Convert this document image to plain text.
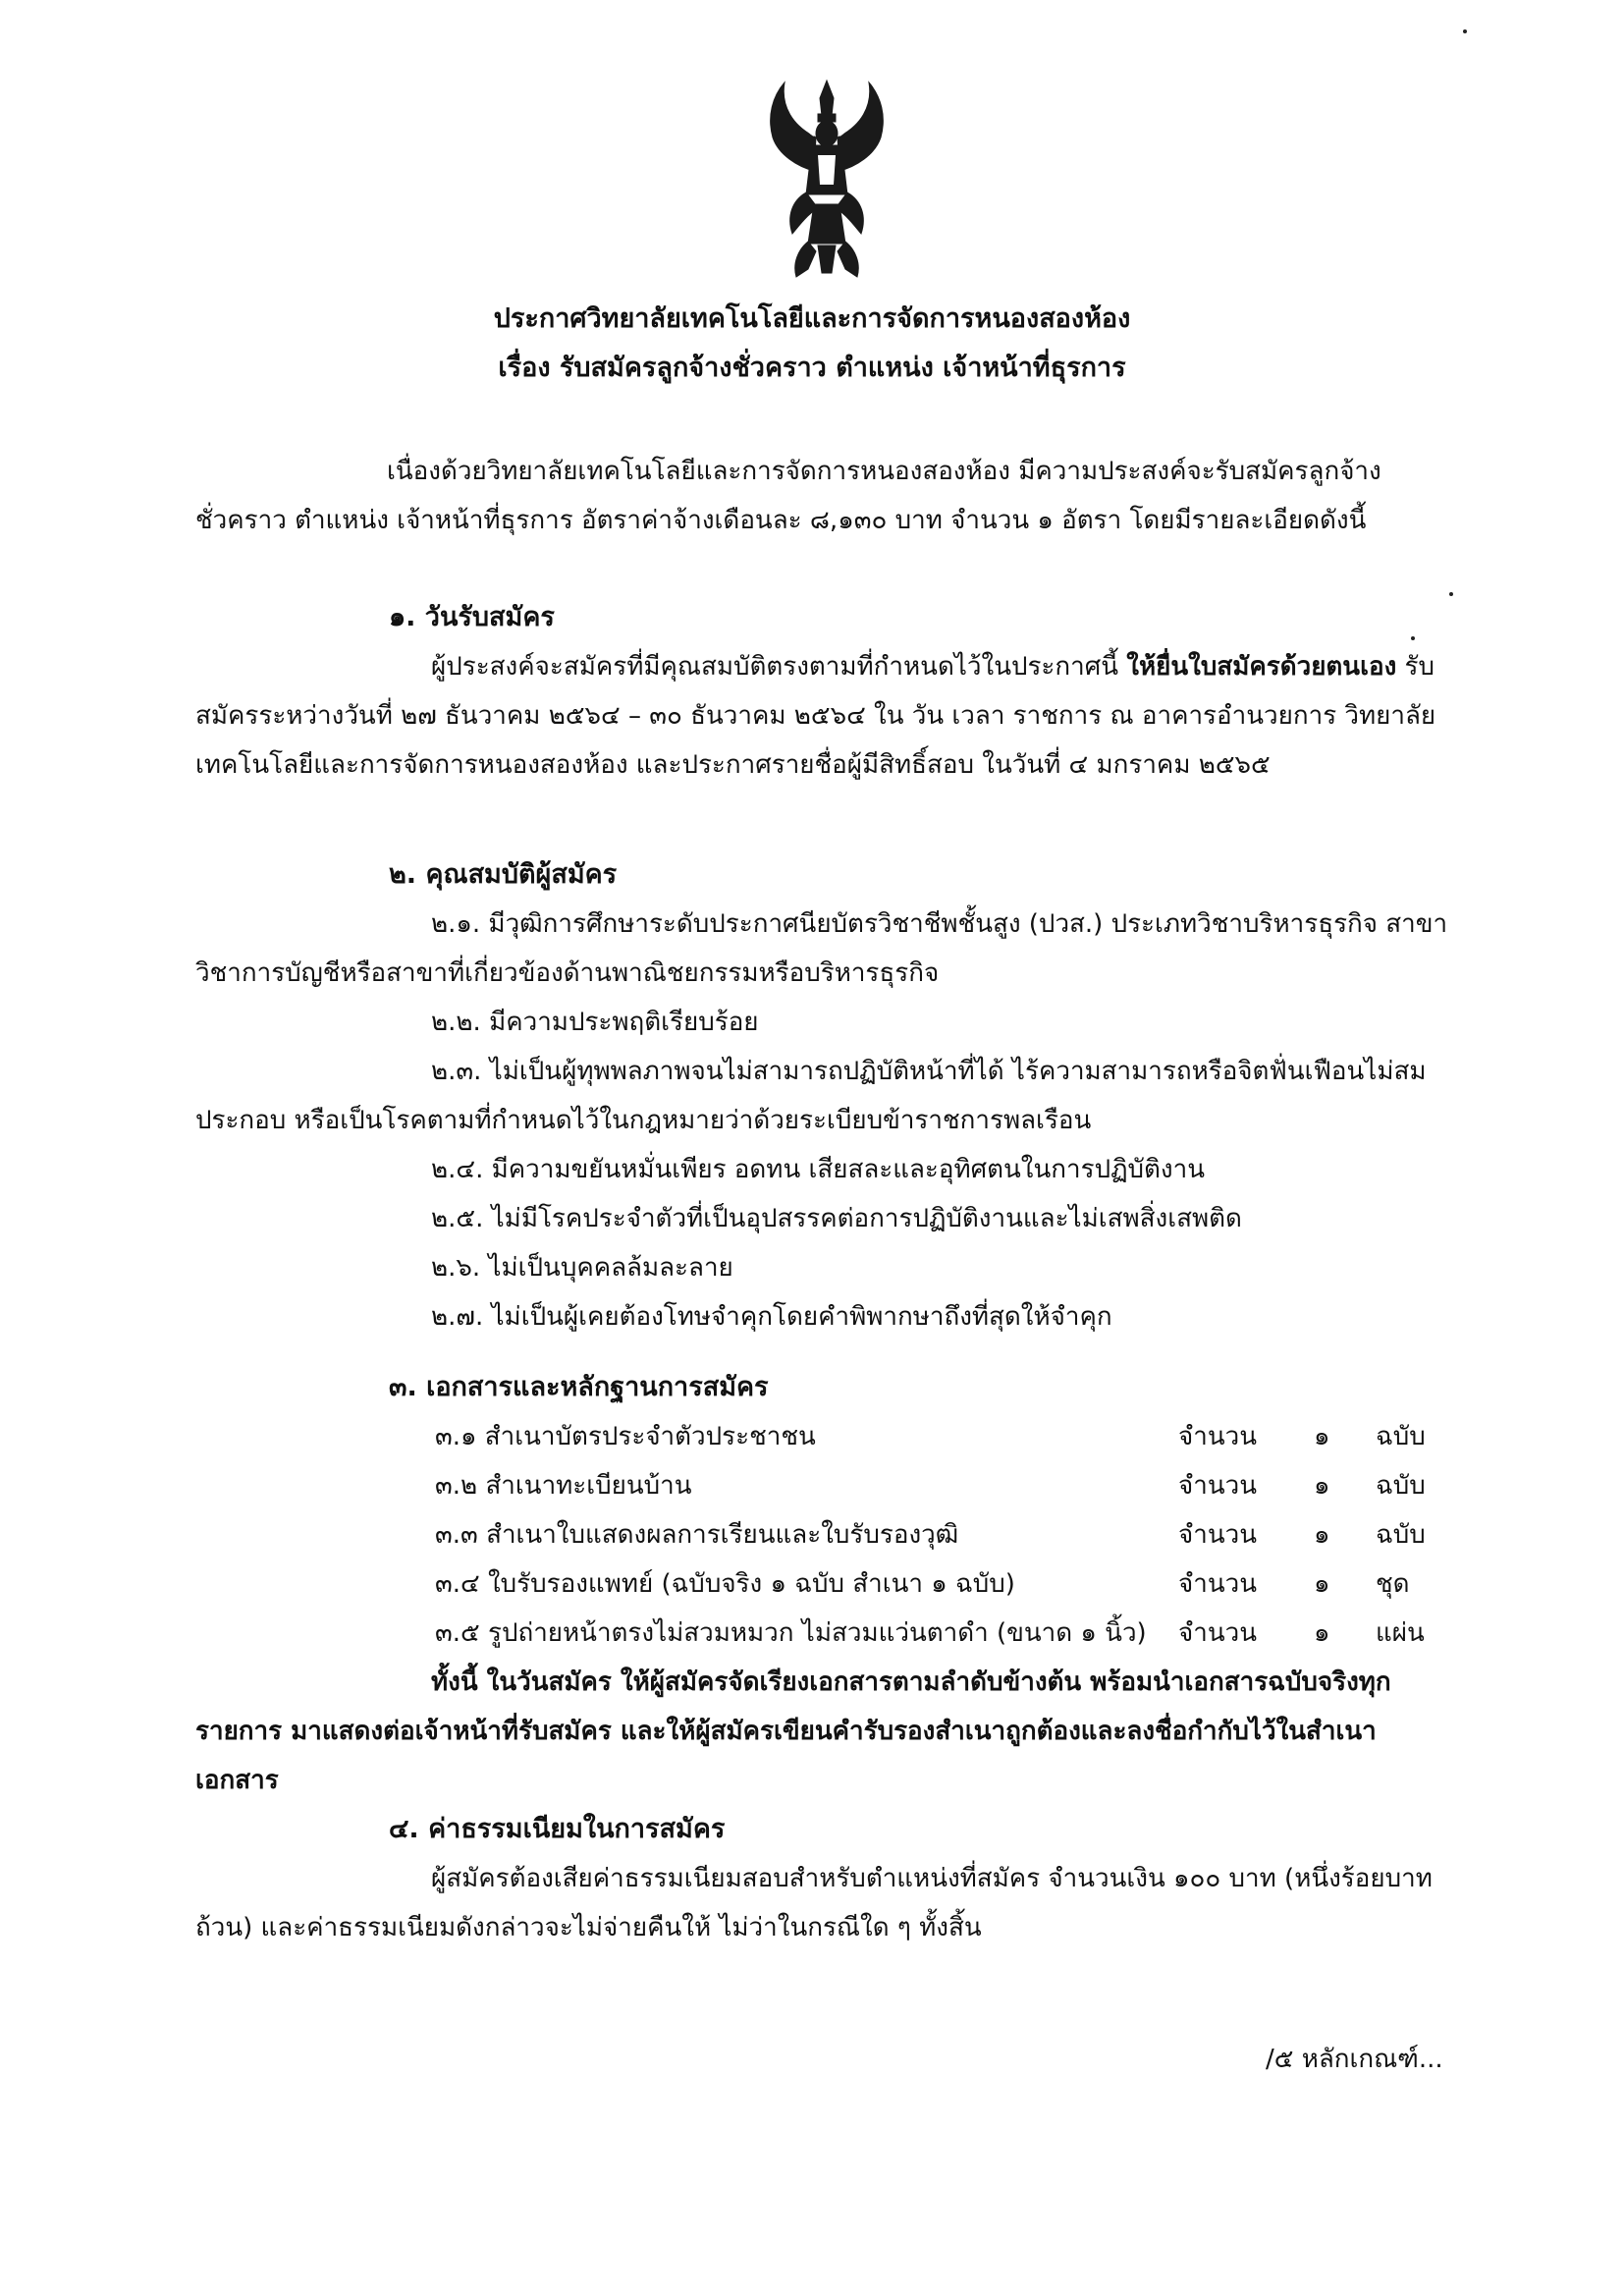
ประกาศวิทยาลัยเทคโนโลยีและการจัดการหนองสองห้อง
เรื่อง รับสมัครลูกจ้างชั่วคราว ตำแหน่ง เจ้าหน้าที่ธุรการ
เนื่องด้วยวิทยาลัยเทคโนโลยีและการจัดการหนองสองห้อง มีความประสงค์จะรับสมัครลูกจ้างชั่วคราว ตำแหน่ง เจ้าหน้าที่ธุรการ อัตราค่าจ้างเดือนละ ๘,๑๓๐ บาท จำนวน ๑ อัตรา โดยมีรายละเอียดดังนี้
๑. วันรับสมัคร
ผู้ประสงค์จะสมัครที่มีคุณสมบัติตรงตามที่กำหนดไว้ในประกาศนี้ ให้ยื่นใบสมัครด้วยตนเอง รับสมัครระหว่างวันที่ ๒๗ ธันวาคม ๒๕๖๔ – ๓๐ ธันวาคม ๒๕๖๔ ใน วัน เวลา ราชการ ณ อาคารอำนวยการ วิทยาลัยเทคโนโลยีและการจัดการหนองสองห้อง และประกาศรายชื่อผู้มีสิทธิ์สอบ ในวันที่ ๔ มกราคม ๒๕๖๕
๒. คุณสมบัติผู้สมัคร
๒.๑. มีวุฒิการศึกษาระดับประกาศนียบัตรวิชาชีพชั้นสูง (ปวส.) ประเภทวิชาบริหารธุรกิจ สาขาวิชาการบัญชีหรือสาขาที่เกี่ยวข้องด้านพาณิชยกรรมหรือบริหารธุรกิจ
๒.๒. มีความประพฤติเรียบร้อย
๒.๓. ไม่เป็นผู้ทุพพลภาพจนไม่สามารถปฏิบัติหน้าที่ได้ ไร้ความสามารถหรือจิตฟั่นเฟือนไม่สมประกอบ หรือเป็นโรคตามที่กำหนดไว้ในกฎหมายว่าด้วยระเบียบข้าราชการพลเรือน
๒.๔. มีความขยันหมั่นเพียร อดทน เสียสละและอุทิศตนในการปฏิบัติงาน
๒.๕. ไม่มีโรคประจำตัวที่เป็นอุปสรรคต่อการปฏิบัติงานและไม่เสพสิ่งเสพติด
๒.๖. ไม่เป็นบุคคลล้มละลาย
๒.๗. ไม่เป็นผู้เคยต้องโทษจำคุกโดยคำพิพากษาถึงที่สุดให้จำคุก
๓. เอกสารและหลักฐานการสมัคร
๓.๑ สำเนาบัตรประจำตัวประชาชน	จำนวน ๑ ฉบับ
๓.๒ สำเนาทะเบียนบ้าน	จำนวน ๑ ฉบับ
๓.๓ สำเนาใบแสดงผลการเรียนและใบรับรองวุฒิ	จำนวน ๑ ฉบับ
๓.๔ ใบรับรองแพทย์ (ฉบับจริง ๑ ฉบับ สำเนา ๑ ฉบับ)	จำนวน ๑ ชุด
๓.๕ รูปถ่ายหน้าตรงไม่สวมหมวก ไม่สวมแว่นตาดำ (ขนาด ๑ นิ้ว) จำนวน ๑ แผ่น
ทั้งนี้ ในวันสมัคร ให้ผู้สมัครจัดเรียงเอกสารตามลำดับข้างต้น พร้อมนำเอกสารฉบับจริงทุกรายการ มาแสดงต่อเจ้าหน้าที่รับสมัคร และให้ผู้สมัครเขียนคำรับรองสำเนาถูกต้องและลงชื่อกำกับไว้ในสำเนาเอกสาร
๔. ค่าธรรมเนียมในการสมัคร
ผู้สมัครต้องเสียค่าธรรมเนียมสอบสำหรับตำแหน่งที่สมัคร จำนวนเงิน ๑๐๐ บาท (หนึ่งร้อยบาทถ้วน) และค่าธรรมเนียมดังกล่าวจะไม่จ่ายคืนให้ ไม่ว่าในกรณีใด ๆ ทั้งสิ้น
/๕ หลักเกณฑ์...
